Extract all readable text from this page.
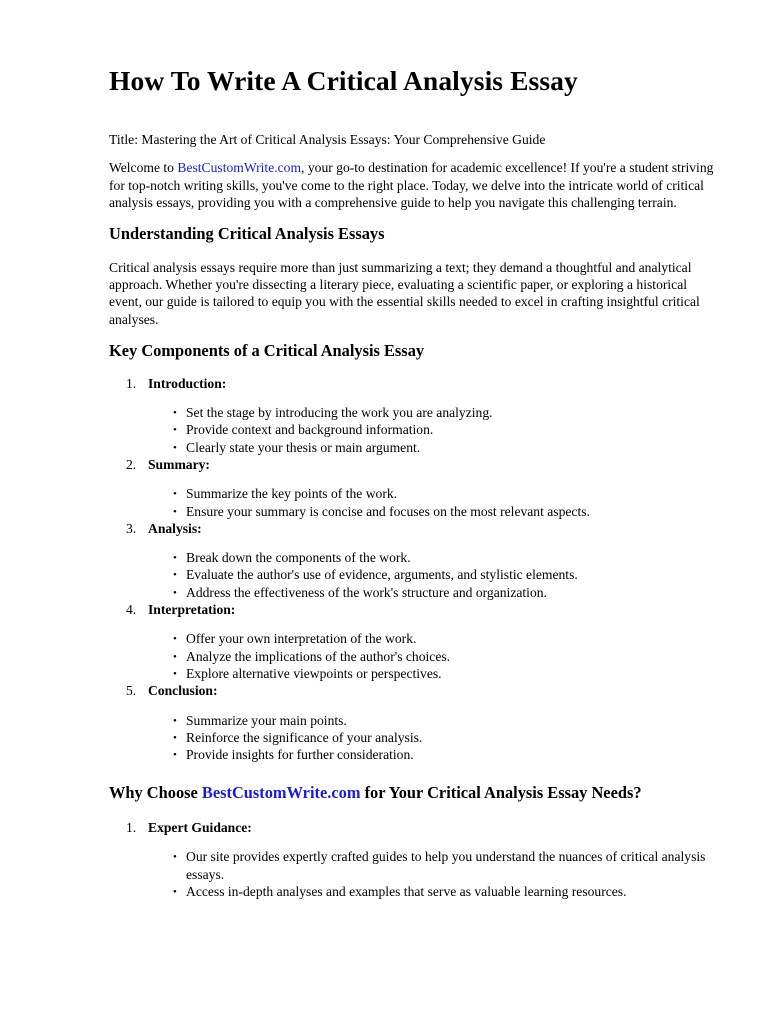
How To Write A Critical Analysis Essay

Title: Mastering the Art of Critical Analysis Essays: Your Comprehensive Guide

Welcome to BestCustomWrite.com, your go-to destination for academic excellence! If you're a student striving for top-notch writing skills, you've come to the right place. Today, we delve into the intricate world of critical analysis essays, providing you with a comprehensive guide to help you navigate this challenging terrain.

Understanding Critical Analysis Essays

Critical analysis essays require more than just summarizing a text; they demand a thoughtful and analytical approach. Whether you're dissecting a literary piece, evaluating a scientific paper, or exploring a historical event, our guide is tailored to equip you with the essential skills needed to excel in crafting insightful critical analyses.

Key Components of a Critical Analysis Essay
1. Introduction:
• Set the stage by introducing the work you are analyzing.
• Provide context and background information.
• Clearly state your thesis or main argument.
2. Summary:
• Summarize the key points of the work.
• Ensure your summary is concise and focuses on the most relevant aspects.
3. Analysis:
• Break down the components of the work.
• Evaluate the author's use of evidence, arguments, and stylistic elements.
• Address the effectiveness of the work's structure and organization.
4. Interpretation:
• Offer your own interpretation of the work.
• Analyze the implications of the author's choices.
• Explore alternative viewpoints or perspectives.
5. Conclusion:
• Summarize your main points.
• Reinforce the significance of your analysis.
• Provide insights for further consideration.
Why Choose BestCustomWrite.com for Your Critical Analysis Essay Needs?
1. Expert Guidance:
• Our site provides expertly crafted guides to help you understand the nuances of critical analysis essays.
• Access in-depth analyses and examples that serve as valuable learning resources.
